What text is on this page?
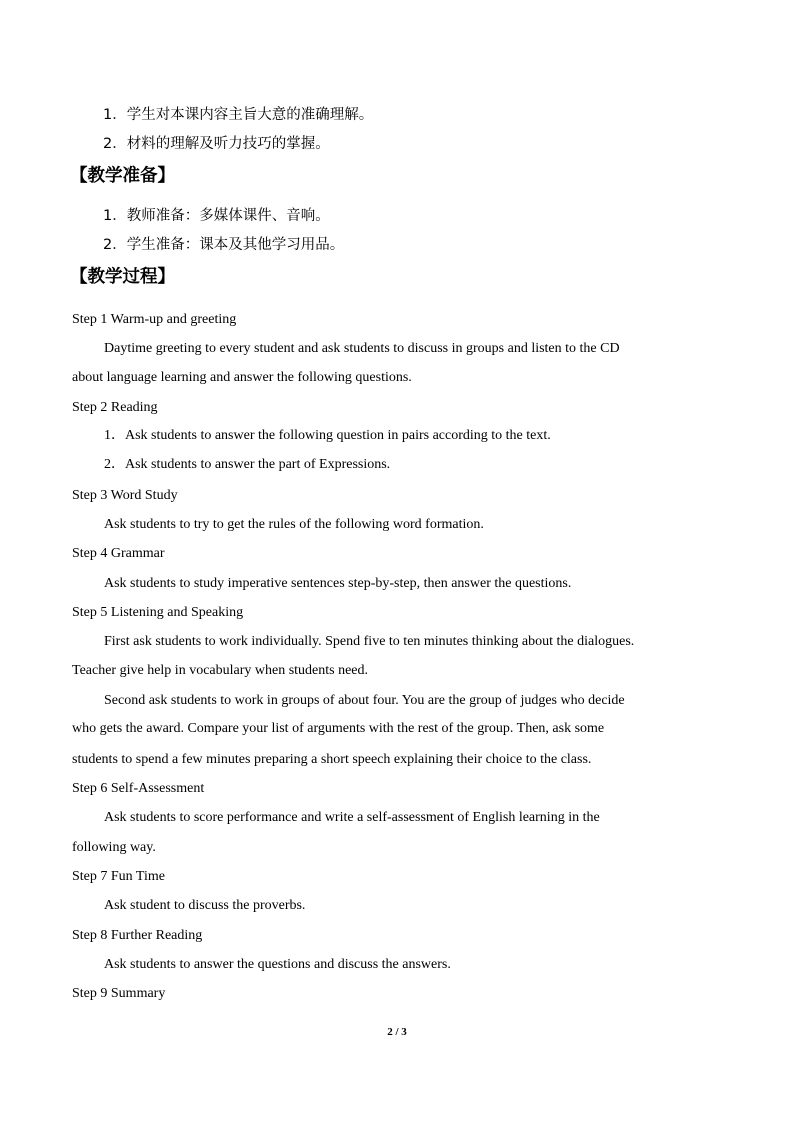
1．学生对本课内容主旨大意的准确理解。
2．材料的理解及听力技巧的掌握。
【教学准备】
1．教师准备：多媒体课件、音响。
2．学生准备：课本及其他学习用品。
【教学过程】
Step 1 Warm-up and greeting
Daytime greeting to every student and ask students to discuss in groups and listen to the CD
about language learning and answer the following questions.
Step 2 Reading
1．Ask students to answer the following question in pairs according to the text.
2．Ask students to answer the part of Expressions.
Step 3 Word Study
Ask students to try to get the rules of the following word formation.
Step 4 Grammar
Ask students to study imperative sentences step-by-step, then answer the questions.
Step 5 Listening and Speaking
First ask students to work individually. Spend five to ten minutes thinking about the dialogues.
Teacher give help in vocabulary when students need.
Second ask students to work in groups of about four. You are the group of judges who decide
who gets the award. Compare your list of arguments with the rest of the group. Then, ask some
students to spend a few minutes preparing a short speech explaining their choice to the class.
Step 6 Self-Assessment
Ask students to score performance and write a self-assessment of English learning in the
following way.
Step 7 Fun Time
Ask student to discuss the proverbs.
Step 8 Further Reading
Ask students to answer the questions and discuss the answers.
Step 9 Summary
2 / 3
